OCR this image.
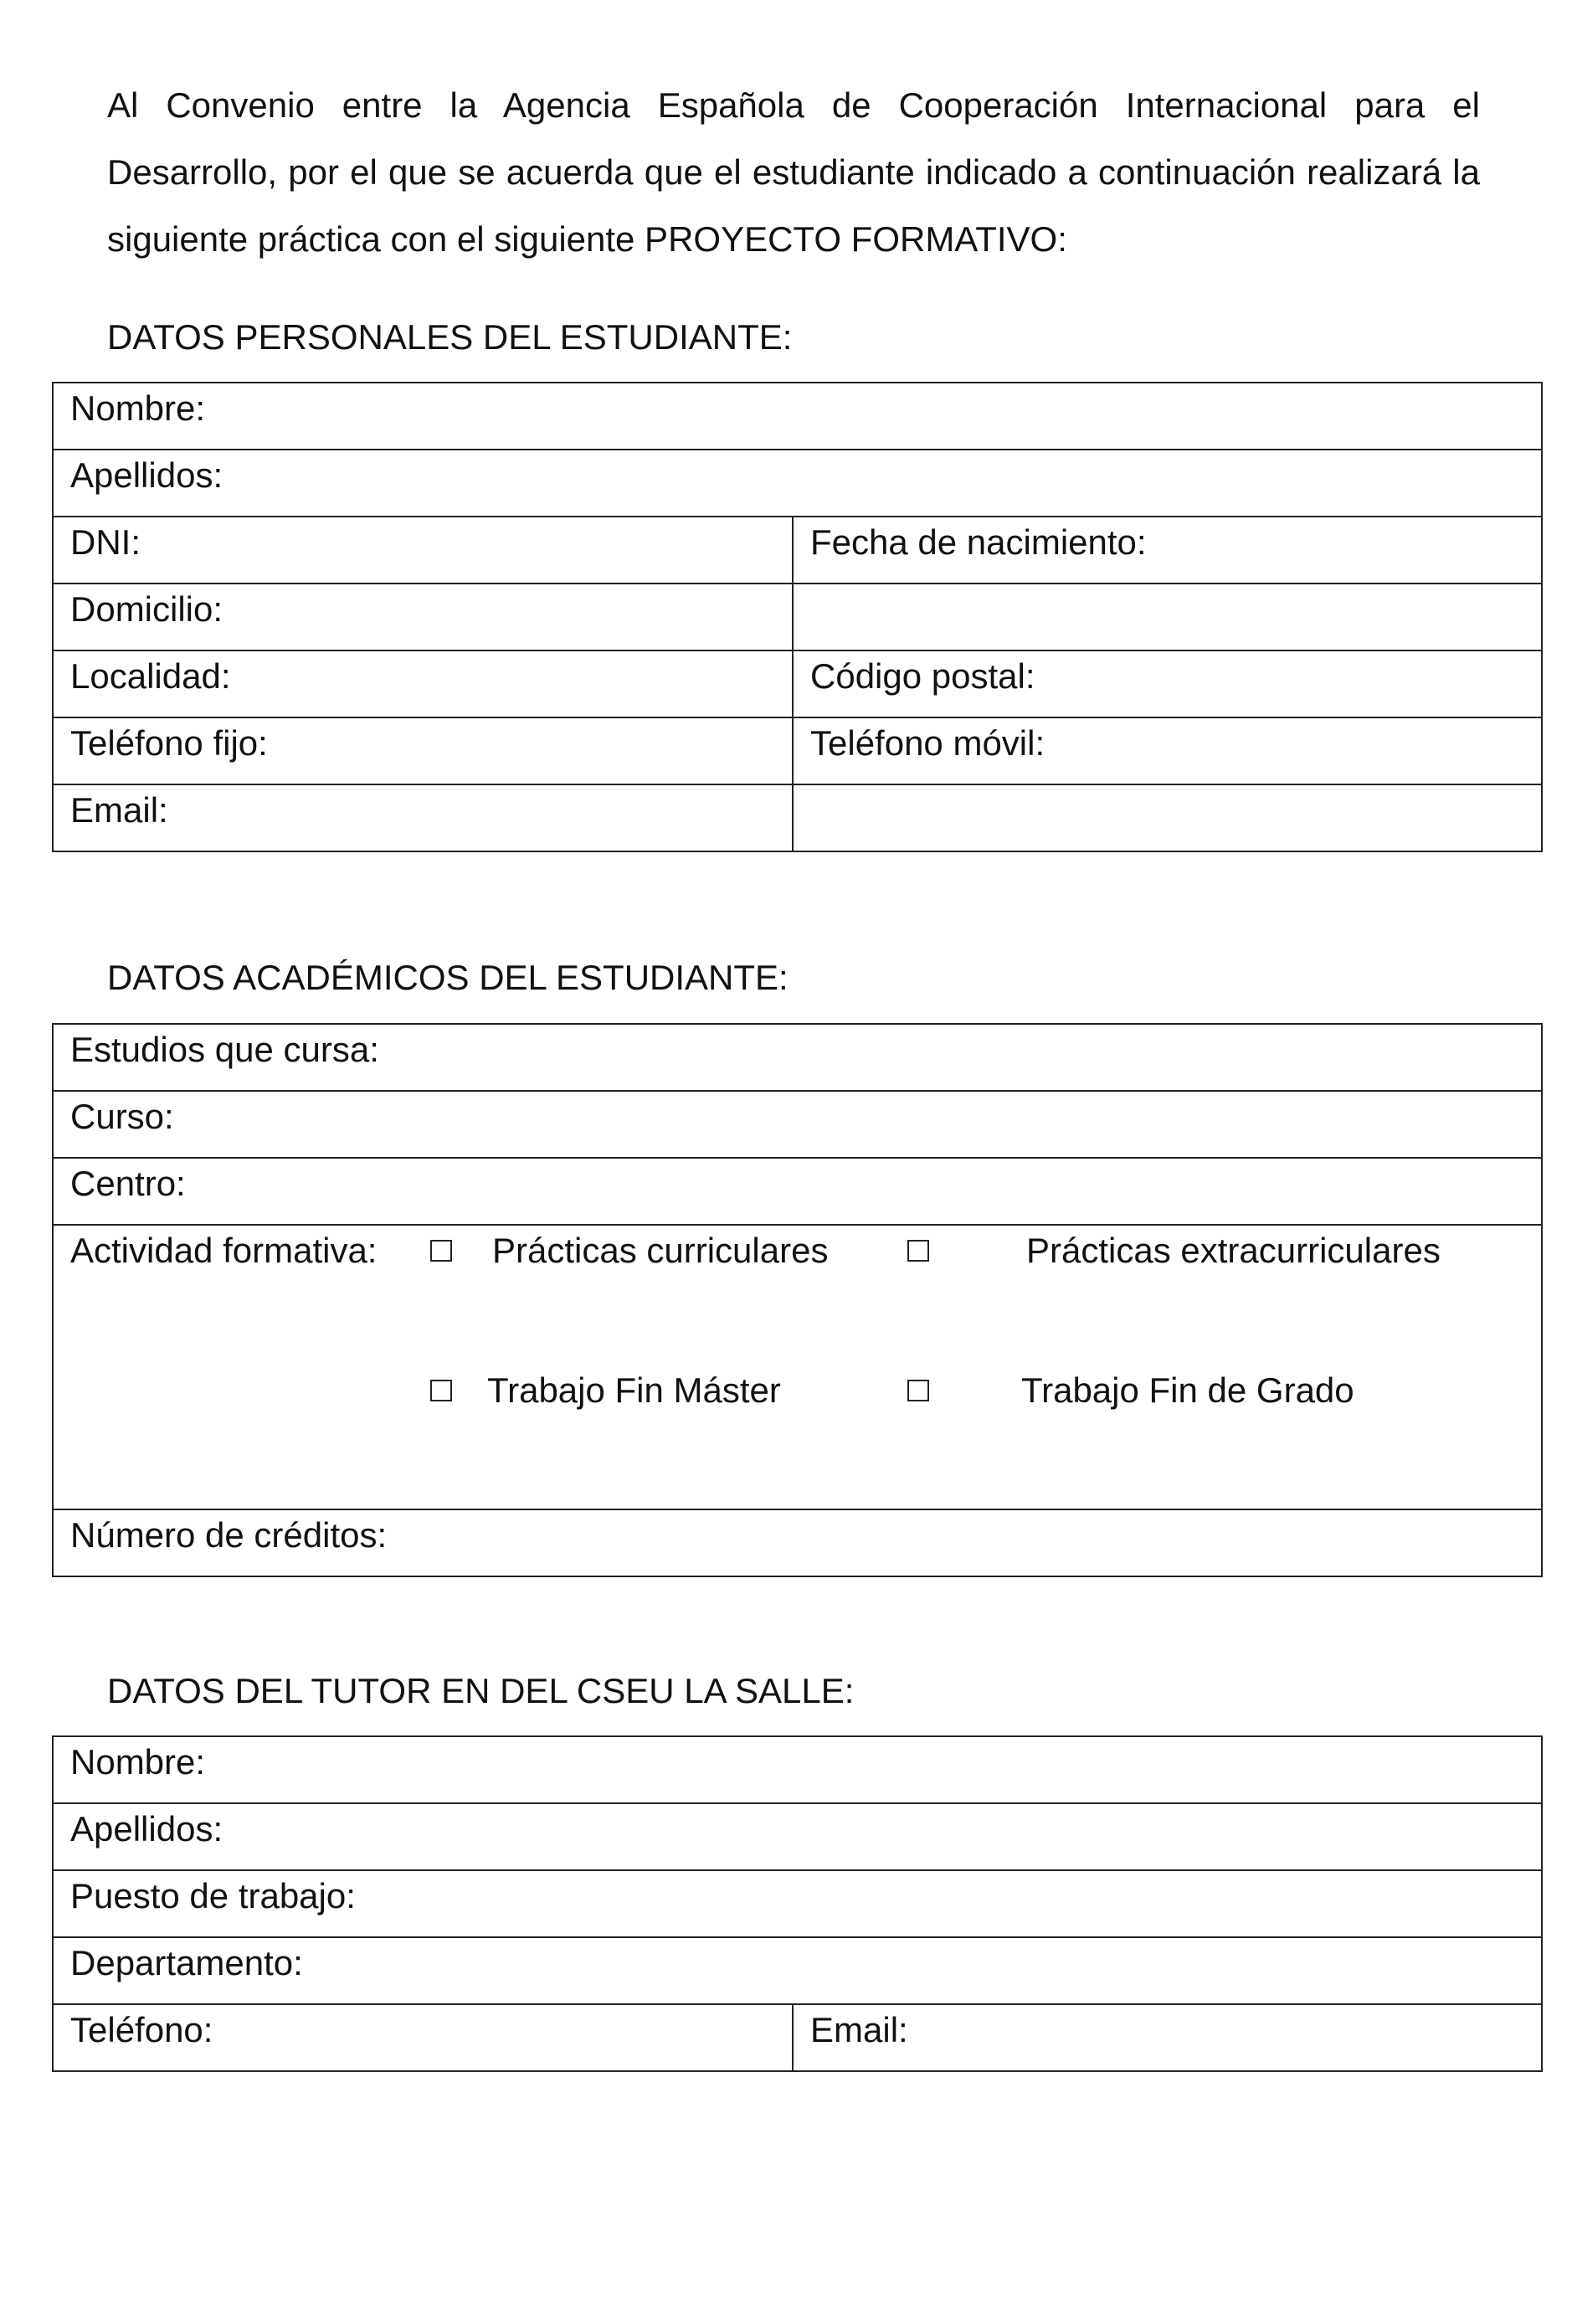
Al Convenio entre la Agencia Española de Cooperación Internacional para el Desarrollo, por el que se acuerda que el estudiante indicado a continuación realizará la siguiente práctica con el siguiente PROYECTO FORMATIVO:

DATOS PERSONALES DEL ESTUDIANTE:
Nombre:	
Apellidos:	
DNI:	Fecha de nacimiento:
Domicilio:	
Localidad:	Código postal:
Teléfono fijo:	Teléfono móvil:
Email:	
DATOS ACADÉMICOS DEL ESTUDIANTE:
Estudios que cursa:
Curso:
Centro:

Actividad formativa:	Prácticas curriculares	Prácticas extracurriculares
Trabajo Fin Máster	Trabajo Fin de Grado

Número de créditos:
DATOS DEL TUTOR EN DEL CSEU LA SALLE:
Nombre:
Apellidos:
Puesto de trabajo:
Departamento:
Teléfono:	Email:
